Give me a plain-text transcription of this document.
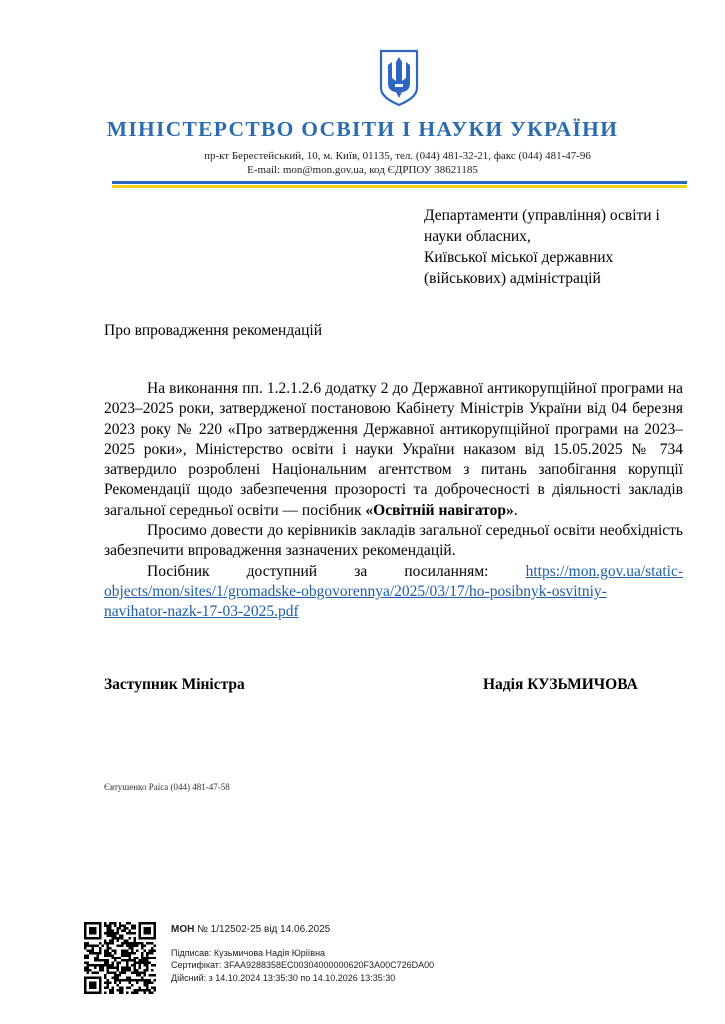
МІНІСТЕРСТВО ОСВІТИ І НАУКИ УКРАЇНИ
пр-кт Берестейський, 10, м. Київ, 01135, тел. (044) 481-32-21, факс (044) 481-47-96
E-mail: mon@mon.gov.ua, код ЄДРПОУ 38621185
Департаменти (управління) освіти і
науки обласних,
Київської міської державних
(військових) адміністрацій
Про впровадження рекомендацій

На виконання пп. 1.2.1.2.6 додатку 2 до Державної антикорупційної програми на 2023–2025 роки, затвердженої постановою Кабінету Міністрів України від 04 березня 2023 року № 220 «Про затвердження Державної антикорупційної програми на 2023–2025 роки», Міністерство освіти і науки України наказом від 15.05.2025 № 734 затвердило розроблені Національним агентством з питань запобігання корупції Рекомендації щодо забезпечення прозорості та доброчесності в діяльності закладів загальної середньої освіти — посібник «Освітній навігатор».

Просимо довести до керівників закладів загальної середньої освіти необхідність забезпечити впровадження зазначених рекомендацій.

Посібник доступний за посиланням: https://mon.gov.ua/static-
objects/mon/sites/1/gromadske-obgovorennya/2025/03/17/ho-posibnyk-osvitniy-
navihator-nazk-17-03-2025.pdf
Заступник Міністра	Надія КУЗЬМИЧОВА
Євтушенко Раїса (044) 481-47-58
МОН № 1/12502-25 від 14.06.2025
Підписав: Кузьмичова Надія Юріївна
Сертифікат: 3FAA9288358EC00304000000620F3A00C726DA00
Дійсний: з 14.10.2024 13:35:30 по 14.10.2026 13:35:30
